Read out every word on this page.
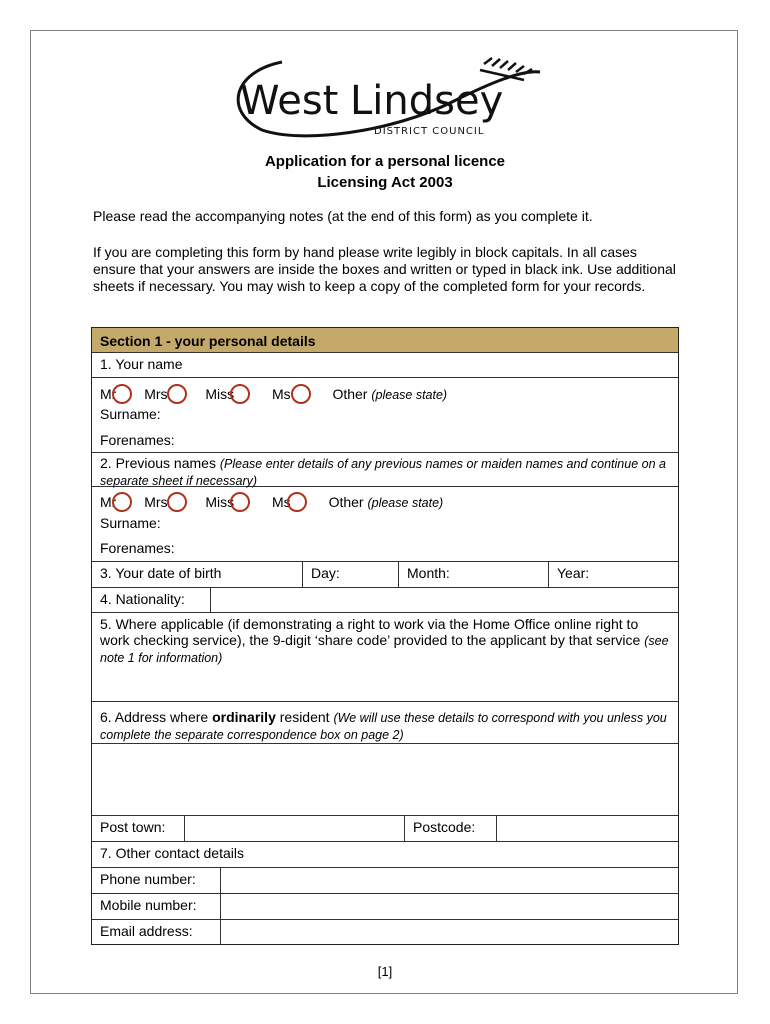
West Lindsey
DISTRICT COUNCIL
Application for a personal licence
Licensing Act 2003
Please read the accompanying notes (at the end of this form) as you complete it.
If you are completing this form by hand please write legibly in block capitals. In all cases ensure that your answers are inside the boxes and written or typed in black ink. Use additional sheets if necessary. You may wish to keep a copy of the completed form for your records.
Section 1 - your personal details
1. Your name
Mr Mrs	Miss	Ms	Other (please state)
Surname:
Forenames:
2. Previous names (Please enter details of any previous names or maiden names and continue on a separate sheet if necessary)
Mr Mrs	Miss	Ms	Other (please state)
Surname:
Forenames:
3. Your date of birth	Day:	Month:	Year:
4. Nationality:
5. Where applicable (if demonstrating a right to work via the Home Office online right to work checking service), the 9-digit ‘share code’ provided to the applicant by that service (see note 1 for information)
6. Address where ordinarily resident (We will use these details to correspond with you unless you complete the separate correspondence box on page 2)
Post town:	Postcode:
7. Other contact details
Phone number:
Mobile number:
Email address:
[1]
